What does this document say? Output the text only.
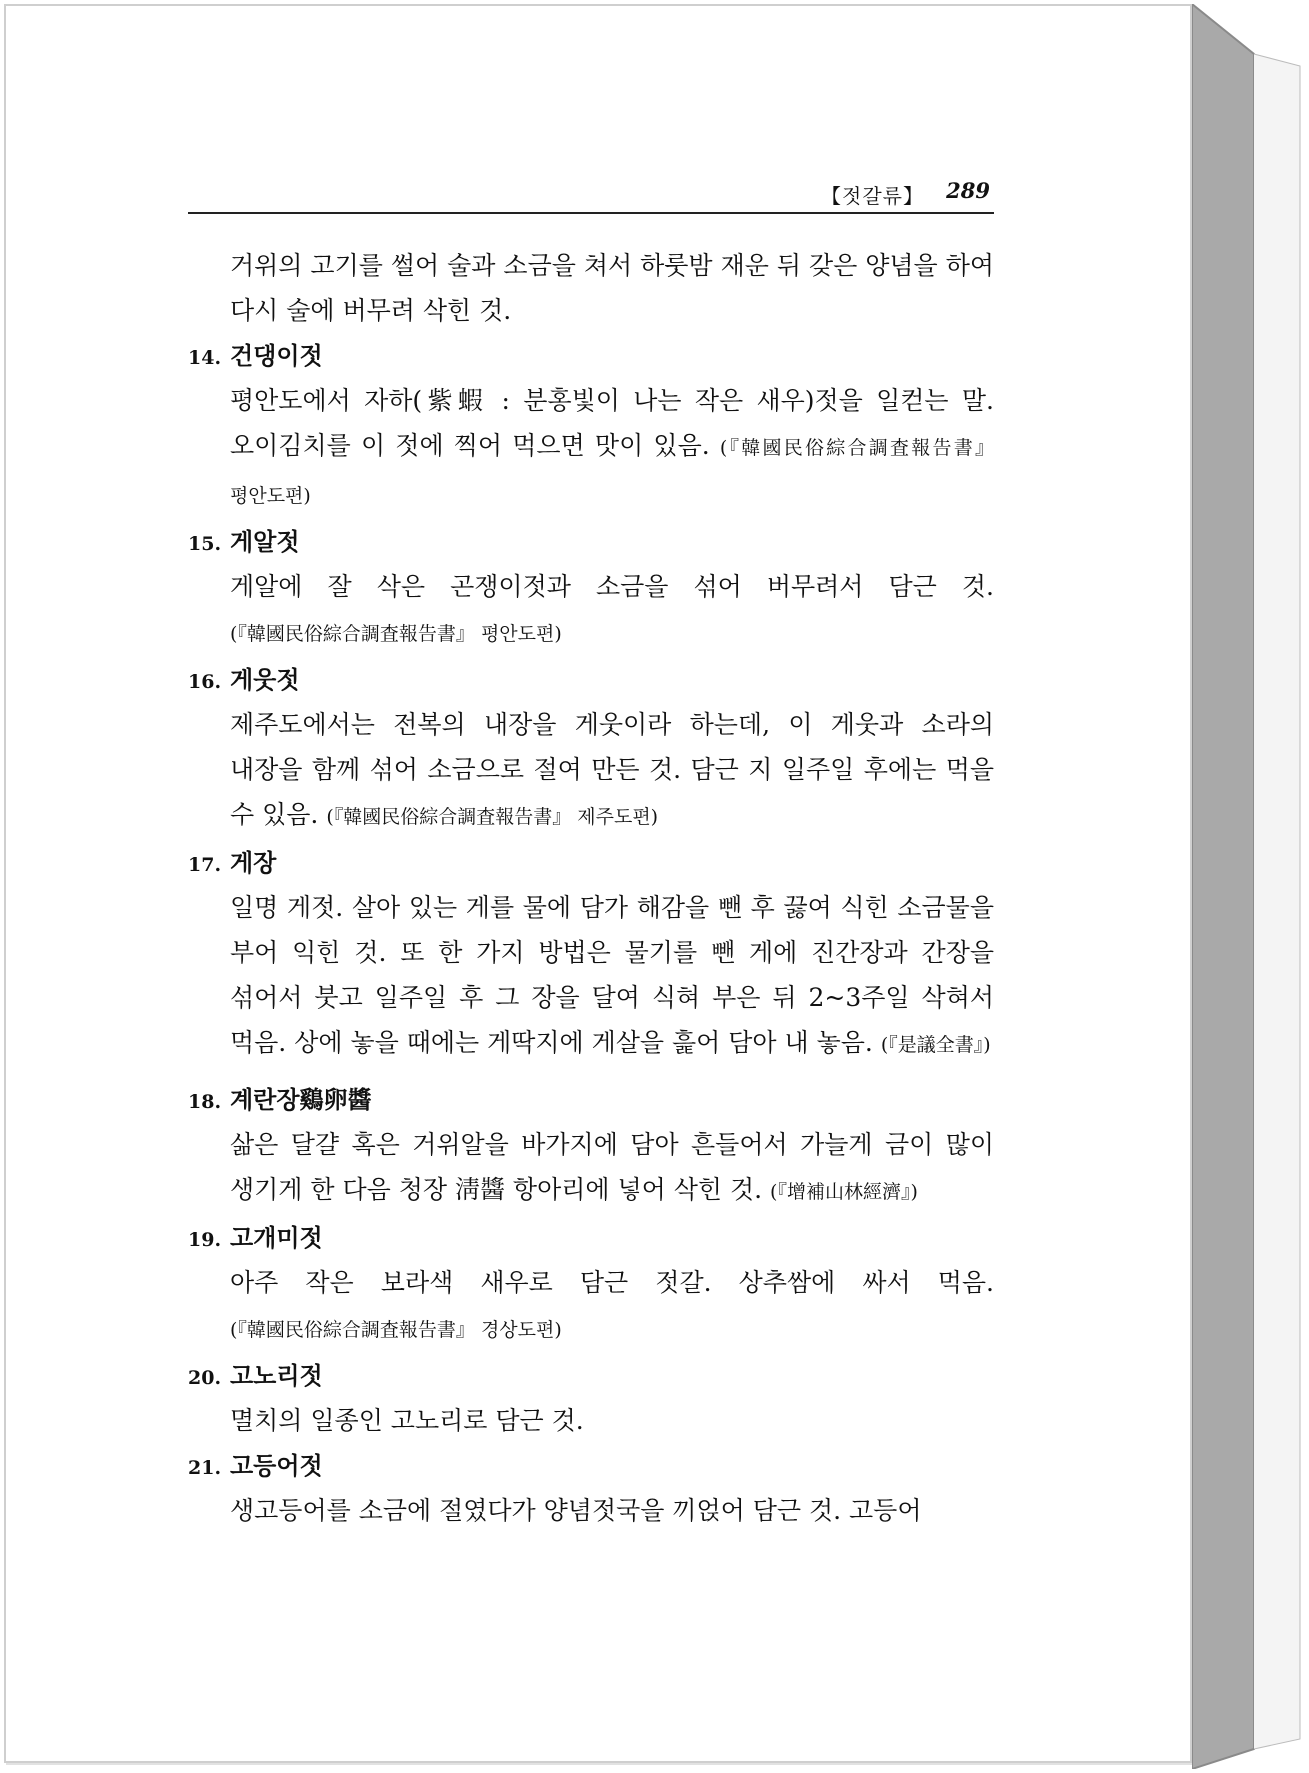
【젓갈류】 289
거위의 고기를 썰어 술과 소금을 쳐서 하룻밤 재운 뒤 갖은 양념을 하여 다시 술에 버무려 삭힌 것.
14. 건댕이젓
평안도에서 자하(紫蝦 : 분홍빛이 나는 작은 새우)젓을 일컫는 말. 오이김치를 이 젓에 찍어 먹으면 맛이 있음. (『韓國民俗綜合調査報告書』 평안도편)
15. 게알젓
게알에 잘 삭은 곤쟁이젓과 소금을 섞어 버무려서 담근 것. (『韓國民俗綜合調査報告書』 평안도편)
16. 게웃젓
제주도에서는 전복의 내장을 게웃이라 하는데, 이 게웃과 소라의 내장을 함께 섞어 소금으로 절여 만든 것. 담근 지 일주일 후에는 먹을 수 있음. (『韓國民俗綜合調査報告書』 제주도편)
17. 게장
일명 게젓. 살아 있는 게를 물에 담가 해감을 뺀 후 끓여 식힌 소금물을 부어 익힌 것. 또 한 가지 방법은 물기를 뺀 게에 진간장과 간장을 섞어서 붓고 일주일 후 그 장을 달여 식혀 부은 뒤 2~3주일 삭혀서 먹음. 상에 놓을 때에는 게딱지에 게살을 흝어 담아 내 놓음. (『是議全書』)
18. 계란장鷄卵醬
삶은 달걀 혹은 거위알을 바가지에 담아 흔들어서 가늘게 금이 많이 생기게 한 다음 청장 淸醬 항아리에 넣어 삭힌 것. (『增補山林經濟』)
19. 고개미젓
아주 작은 보라색 새우로 담근 젓갈. 상추쌈에 싸서 먹음. (『韓國民俗綜合調査報告書』 경상도편)
20. 고노리젓
멸치의 일종인 고노리로 담근 것.
21. 고등어젓
생고등어를 소금에 절였다가 양념젓국을 끼얹어 담근 것. 고등어
